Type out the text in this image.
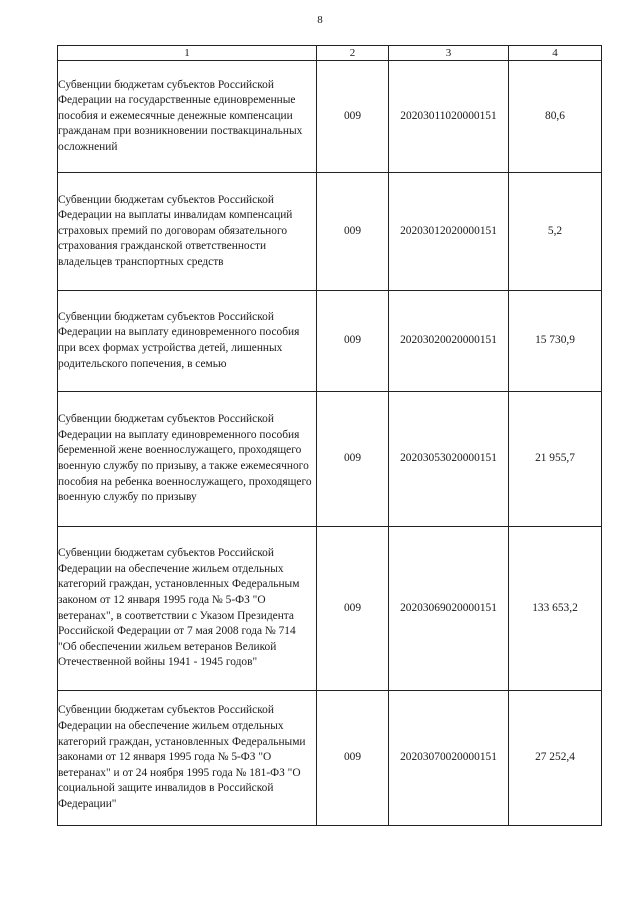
8
1	2	3	4
Субвенции бюджетам субъектов Российской Федерации на государственные единовременные пособия и ежемесячные денежные компенсации гражданам при возникновении поствакцинальных осложнений	009	20203011020000151	80,6
Субвенции бюджетам субъектов Российской Федерации на выплаты инвалидам компенсаций страховых премий по договорам обязательного страхования гражданской ответственности владельцев транспортных средств	009	20203012020000151	5,2
Субвенции бюджетам субъектов Российской Федерации на выплату единовременного пособия при всех формах устройства детей, лишенных родительского попечения, в семью	009	20203020020000151	15 730,9
Субвенции бюджетам субъектов Российской Федерации на выплату единовременного пособия беременной жене военнослужащего, проходящего военную службу по призыву, а также ежемесячного пособия на ребенка военнослужащего, проходящего военную службу по призыву	009	20203053020000151	21 955,7
Субвенции бюджетам субъектов Российской Федерации на обеспечение жильем отдельных категорий граждан, установленных Федеральным законом от 12 января 1995 года № 5-ФЗ "О ветеранах", в соответствии с Указом Президента Российской Федерации от 7 мая 2008 года № 714 "Об обеспечении жильем ветеранов Великой Отечественной войны 1941 - 1945 годов"	009	20203069020000151	133 653,2
Субвенции бюджетам субъектов Российской Федерации на обеспечение жильем отдельных категорий граждан, установленных Федеральными законами от 12 января 1995 года № 5-ФЗ "О ветеранах" и от 24 ноября 1995 года № 181-ФЗ "О социальной защите инвалидов в Российской Федерации"	009	20203070020000151	27 252,4
